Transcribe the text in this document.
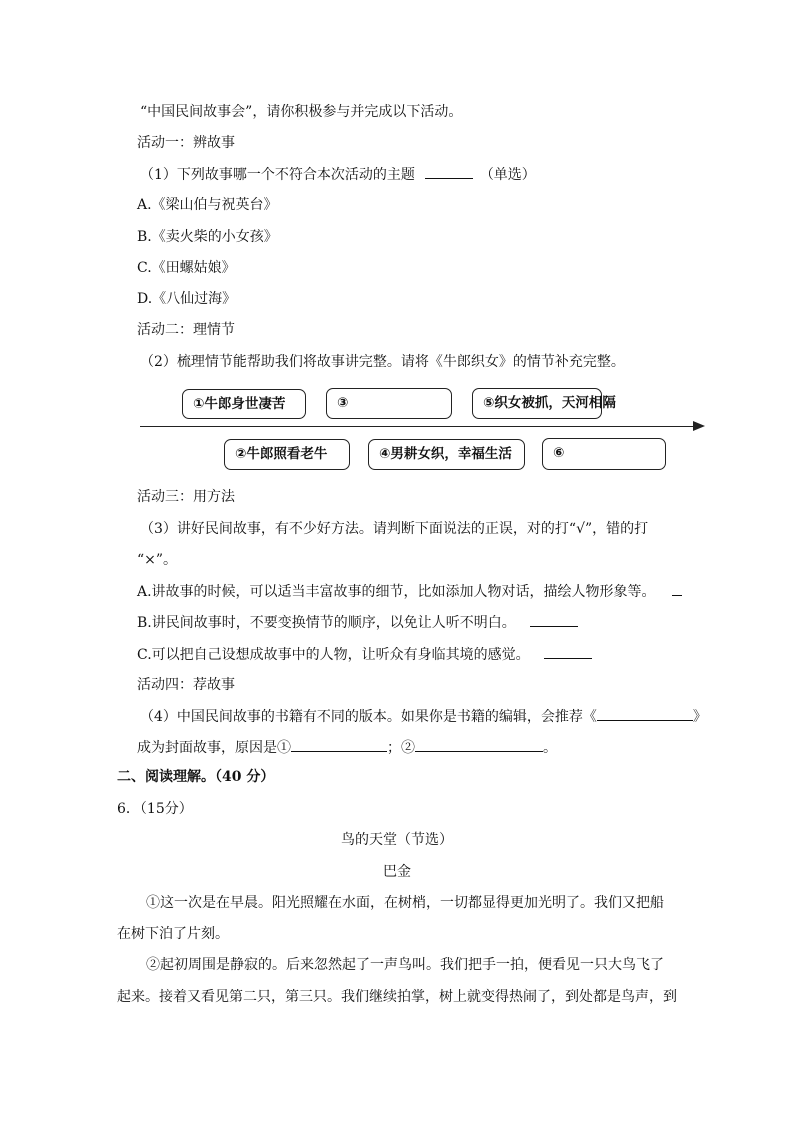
“中国民间故事会”，请你积极参与并完成以下活动。
活动一：辨故事
（1）下列故事哪一个不符合本次活动的主题	（单选）
A.《梁山伯与祝英台》
B.《卖火柴的小女孩》
C.《田螺姑娘》
D.《八仙过海》
活动二：理情节
（2）梳理情节能帮助我们将故事讲完整。请将《牛郎织女》的情节补充完整。
①牛郎身世凄苦	③	⑤织女被抓，天河相隔
②牛郎照看老牛	④男耕女织，幸福生活	⑥
活动三：用方法
（3）讲好民间故事，有不少好方法。请判断下面说法的正误，对的打“√”，错的打
“×”。
A.讲故事的时候，可以适当丰富故事的细节，比如添加人物对话，描绘人物形象等。
B.讲民间故事时，不要变换情节的顺序，以免让人听不明白。
C.可以把自己设想成故事中的人物，让听众有身临其境的感觉。
活动四：荐故事
（4）中国民间故事的书籍有不同的版本。如果你是书籍的编辑，会推荐《	》
成为封面故事，原因是①	；②	。
二、阅读理解。（40 分）
6．（15分）
鸟的天堂（节选）
巴金
①这一次是在早晨。阳光照耀在水面，在树梢，一切都显得更加光明了。我们又把船
在树下泊了片刻。
②起初周围是静寂的。后来忽然起了一声鸟叫。我们把手一拍，便看见一只大鸟飞了
起来。接着又看见第二只，第三只。我们继续拍掌，树上就变得热闹了，到处都是鸟声，到
